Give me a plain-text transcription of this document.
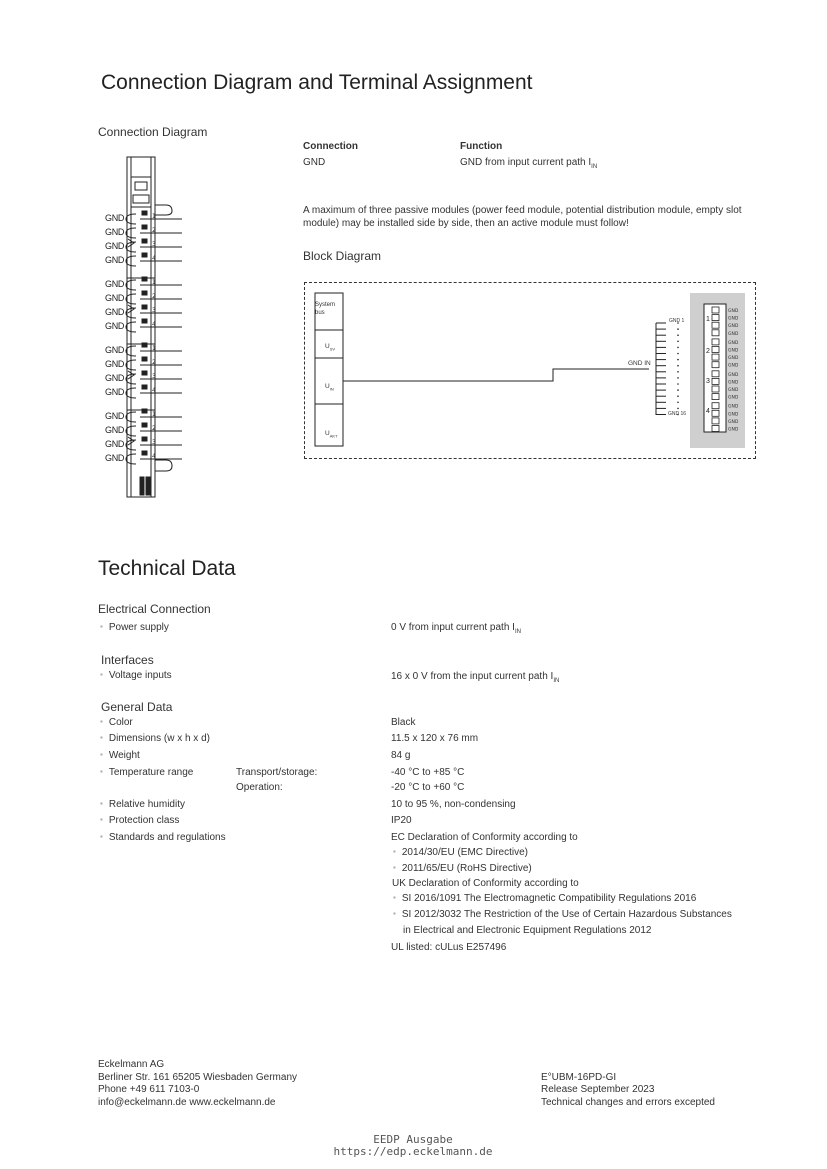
Connection Diagram and Terminal Assignment
Connection Diagram
1
2
3
4
1
2
3
4
1
2
3
4
1
2
3
4
GND
GND
GND
GND
GND
GND
GND
GND
GND
GND
GND
GND
GND
GND
GND
GND
Connection	Function
GND	GND from input current path $I_{IN}$
A maximum of three passive modules (power feed module, potential distribution module, empty slot
module) may be installed side by side, then an active module must follow!
Block Diagram
GND
GND
GND
GND
GND
GND
GND
GND
GND
GND
GND
GND
GND
GND
GND
GND
System
bus
$U_{SV}$
$U_{IN}$
$U_{AKT}$
GND 1
GND IN
GND 16
1
2
3
4
Technical Data
Electrical Connection
▪ Power supply	0 V from input current path $I_{IN}$
Interfaces
▪ Voltage inputs	16 x 0 V from the input current path $I_{IN}$
General Data
▪ Color	Black
▪ Dimensions (w x h x d)	11.5 x 120 x 76 mm
▪ Weight	84 g
▪ Temperature range	Transport/storage:	-40 °C to +85 °C
Operation:	-20 °C to +60 °C
▪ Relative humidity	10 to 95 %, non-condensing
▪ Protection class	IP20
▪ Standards and regulations	EC Declaration of Conformity according to
▪ 2014/30/EU (EMC Directive)
▪ 2011/65/EU (RoHS Directive)
UK Declaration of Conformity according to
▪ SI 2016/1091 The Electromagnetic Compatibility Regulations 2016
▪ SI 2012/3032 The Restriction of the Use of Certain Hazardous Substances
in Electrical and Electronic Equipment Regulations 2012
UL listed: cULus E257496
Eckelmann AG
Berliner Str. 161 65205 Wiesbaden Germany
Phone +49 611 7103-0
info@eckelmann.de www.eckelmann.de
E°UBM-16PD-GI
Release September 2023
Technical changes and errors excepted
EEDP Ausgabe
https://edp.eckelmann.de
